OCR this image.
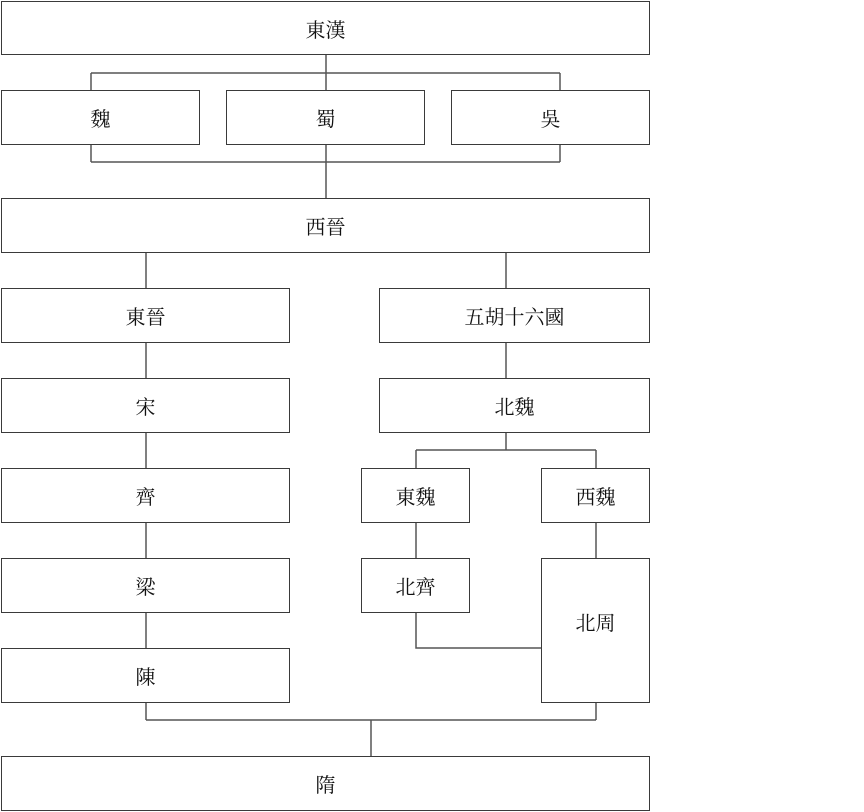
東漢
魏	蜀	吳
西晉
東晉	五胡十六國
宋	北魏
齊	東魏	西魏
梁	北齊
北周
陳
隋
